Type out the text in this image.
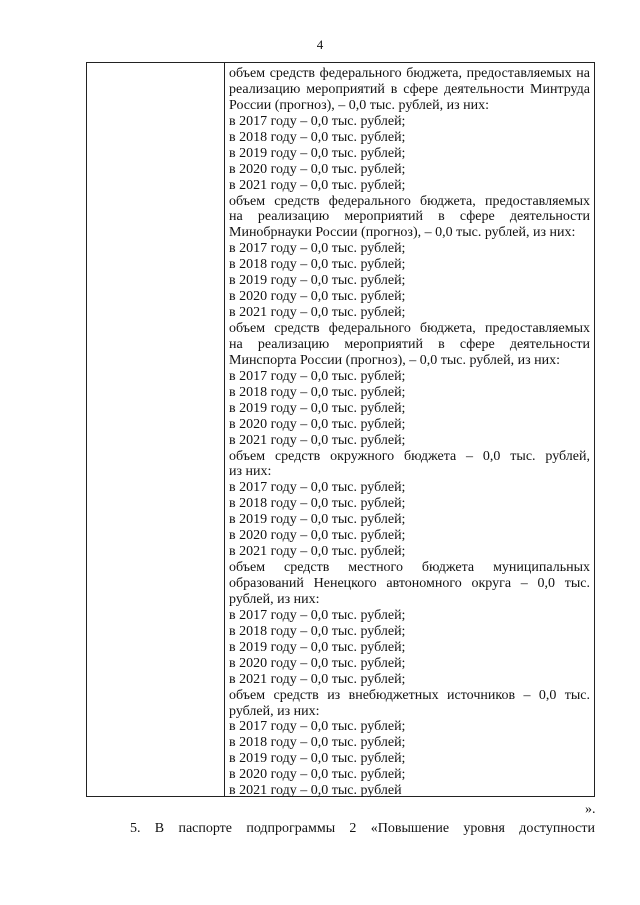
4
объем средств федерального бюджета, предоставляемых на
реализацию мероприятий в сфере деятельности Минтруда
России (прогноз), – 0,0 тыс. рублей, из них:
в 2017 году – 0,0 тыс. рублей;
в 2018 году – 0,0 тыс. рублей;
в 2019 году – 0,0 тыс. рублей;
в 2020 году – 0,0 тыс. рублей;
в 2021 году – 0,0 тыс. рублей;
объем средств федерального бюджета, предоставляемых
на реализацию мероприятий в сфере деятельности
Минобрнауки России (прогноз), – 0,0 тыс. рублей, из них:
в 2017 году – 0,0 тыс. рублей;
в 2018 году – 0,0 тыс. рублей;
в 2019 году – 0,0 тыс. рублей;
в 2020 году – 0,0 тыс. рублей;
в 2021 году – 0,0 тыс. рублей;
объем средств федерального бюджета, предоставляемых
на реализацию мероприятий в сфере деятельности
Минспорта России (прогноз), – 0,0 тыс. рублей, из них:
в 2017 году – 0,0 тыс. рублей;
в 2018 году – 0,0 тыс. рублей;
в 2019 году – 0,0 тыс. рублей;
в 2020 году – 0,0 тыс. рублей;
в 2021 году – 0,0 тыс. рублей;
объем средств окружного бюджета – 0,0 тыс. рублей,
из них:
в 2017 году – 0,0 тыс. рублей;
в 2018 году – 0,0 тыс. рублей;
в 2019 году – 0,0 тыс. рублей;
в 2020 году – 0,0 тыс. рублей;
в 2021 году – 0,0 тыс. рублей;
объем средств местного бюджета муниципальных
образований Ненецкого автономного округа – 0,0 тыс.
рублей, из них:
в 2017 году – 0,0 тыс. рублей;
в 2018 году – 0,0 тыс. рублей;
в 2019 году – 0,0 тыс. рублей;
в 2020 году – 0,0 тыс. рублей;
в 2021 году – 0,0 тыс. рублей;
объем средств из внебюджетных источников – 0,0 тыс.
рублей, из них:
в 2017 году – 0,0 тыс. рублей;
в 2018 году – 0,0 тыс. рублей;
в 2019 году – 0,0 тыс. рублей;
в 2020 году – 0,0 тыс. рублей;
в 2021 году – 0,0 тыс. рублей
».
5. В паспорте подпрограммы 2 «Повышение уровня доступности
